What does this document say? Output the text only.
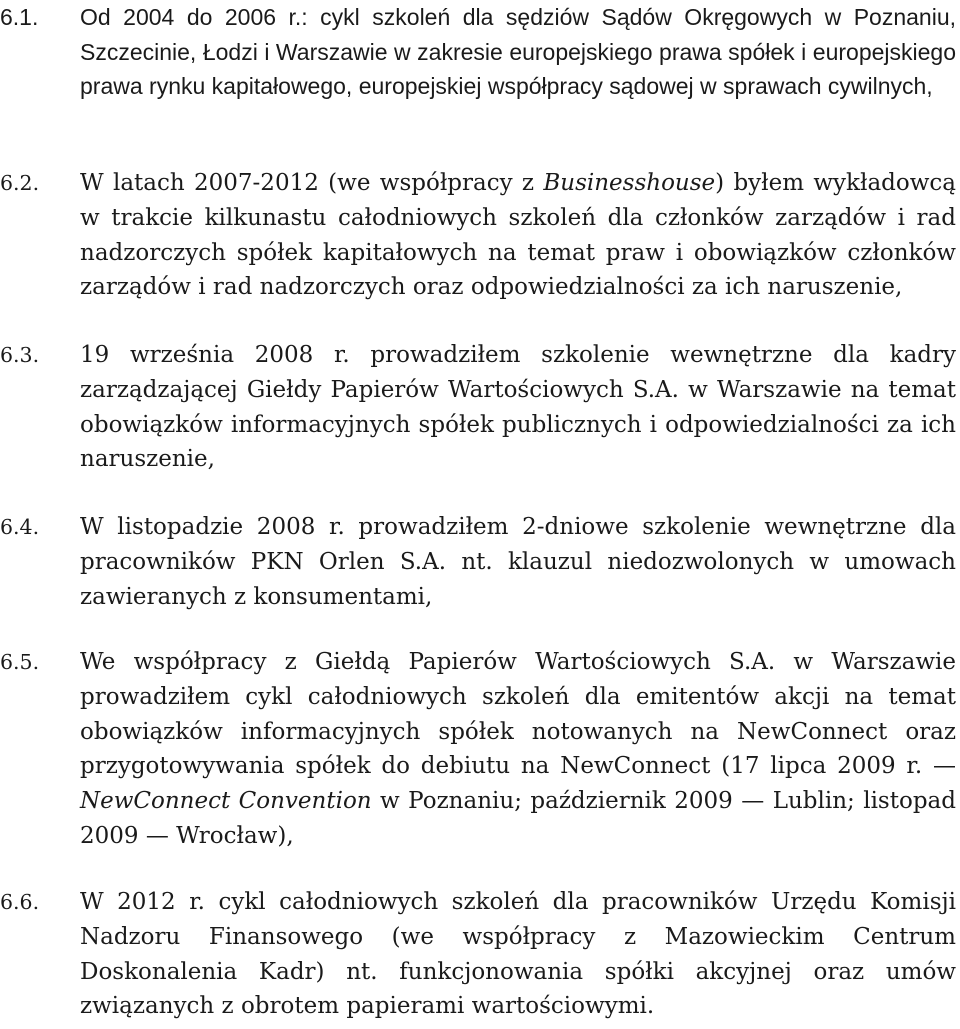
6.1. Od 2004 do 2006 r.: cykl szkoleń dla sędziów Sądów Okręgowych w Poznaniu, Szczecinie, Łodzi i Warszawie w zakresie europejskiego prawa spółek i europejskiego prawa rynku kapitałowego, europejskiej współpracy sądowej w sprawach cywilnych,
6.2. W latach 2007-2012 (we współpracy z Businesshouse) byłem wykładowcą w trakcie kilkunastu całodniowych szkoleń dla członków zarządów i rad nadzorczych spółek kapitałowych na temat praw i obowiązków członków zarządów i rad nadzorczych oraz odpowiedzialności za ich naruszenie,
6.3. 19 września 2008 r. prowadziłem szkolenie wewnętrzne dla kadry zarządzającej Giełdy Papierów Wartościowych S.A. w Warszawie na temat obowiązków informacyjnych spółek publicznych i odpowiedzialności za ich naruszenie,
6.4. W listopadzie 2008 r. prowadziłem 2-dniowe szkolenie wewnętrzne dla pracowników PKN Orlen S.A. nt. klauzul niedozwolonych w umowach zawieranych z konsumentami,
6.5. We współpracy z Giełdą Papierów Wartościowych S.A. w Warszawie prowadziłem cykl całodniowych szkoleń dla emitentów akcji na temat obowiązków informacyjnych spółek notowanych na NewConnect oraz przygotowywania spółek do debiutu na NewConnect (17 lipca 2009 r. — NewConnect Convention w Poznaniu; październik 2009 — Lublin; listopad 2009 — Wrocław),
6.6. W 2012 r. cykl całodniowych szkoleń dla pracowników Urzędu Komisji Nadzoru Finansowego (we współpracy z Mazowieckim Centrum Doskonalenia Kadr) nt. funkcjonowania spółki akcyjnej oraz umów związanych z obrotem papierami wartościowymi.
